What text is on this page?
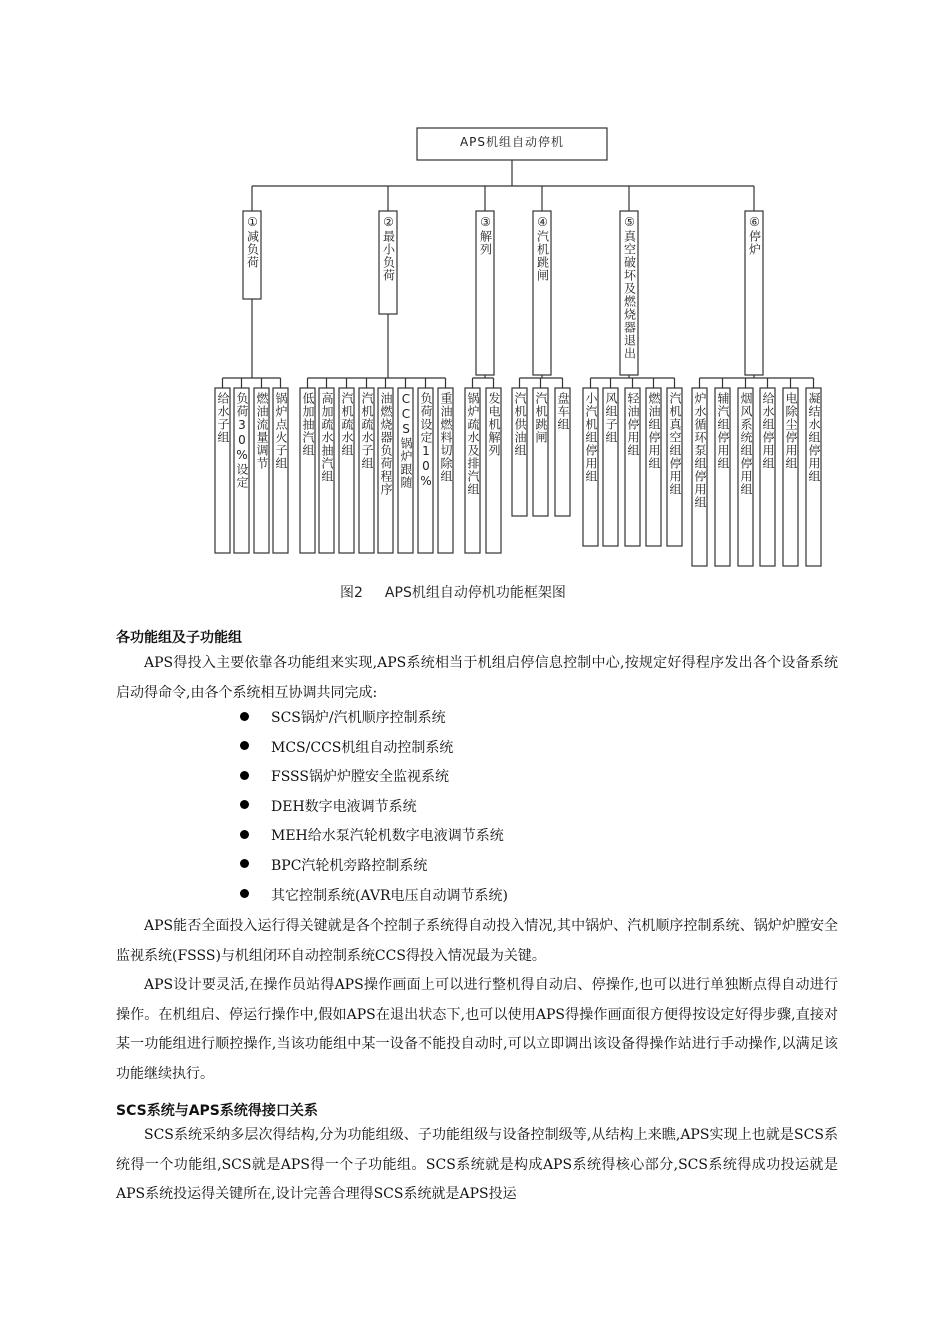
APS机组自动停机
①减负荷
给水子组 负荷30%设定 燃油流量调节 锅炉点火子组
②最小负荷
低加抽汽组 高加疏水抽汽组 汽机疏水组 汽机疏水子组 油燃烧器负荷程序 CCS锅炉跟随 负荷设定10% 重油燃料切除组
③解列
锅炉疏水及排汽组 发电机解列
④汽机跳闸
汽机供油组 汽机跳闸 盘车组
⑤真空破坏及燃烧器退出
小汽机组停用组 风组子组 轻油停用组 燃油组停用组 汽机真空组停用组
⑥停炉
炉水循环泵组停用组 辅汽组停用组 烟风系统组停用组 给水组停用组 电除尘停用组 凝结水组停用组
图2 APS机组自动停机功能框架图
各功能组及子功能组

APS得投入主要依靠各功能组来实现,APS系统相当于机组启停信息控制中心,按规定好得程序发出各个设备系统启动得命令,由各个系统相互协调共同完成:

SCS锅炉/汽机顺序控制系统
MCS/CCS机组自动控制系统
FSSS锅炉炉膛安全监视系统
DEH数字电液调节系统
MEH给水泵汽轮机数字电液调节系统
BPC汽轮机旁路控制系统
其它控制系统(AVR电压自动调节系统)

APS能否全面投入运行得关键就是各个控制子系统得自动投入情况,其中锅炉、汽机顺序控制系统、锅炉炉膛安全监视系统(FSSS)与机组闭环自动控制系统CCS得投入情况最为关键。

APS设计要灵活,在操作员站得APS操作画面上可以进行整机得自动启、停操作,也可以进行单独断点得自动进行操作。在机组启、停运行操作中,假如APS在退出状态下,也可以使用APS得操作画面很方便得按设定好得步骤,直接对某一功能组进行顺控操作,当该功能组中某一设备不能投自动时,可以立即调出该设备得操作站进行手动操作,以满足该功能继续执行。

SCS系统与APS系统得接口关系

SCS系统采纳多层次得结构,分为功能组级、子功能组级与设备控制级等,从结构上来瞧,APS实现上也就是SCS系统得一个功能组,SCS就是APS得一个子功能组。SCS系统就是构成APS系统得核心部分,SCS系统得成功投运就是APS系统投运得关键所在,设计完善合理得SCS系统就是APS投运
